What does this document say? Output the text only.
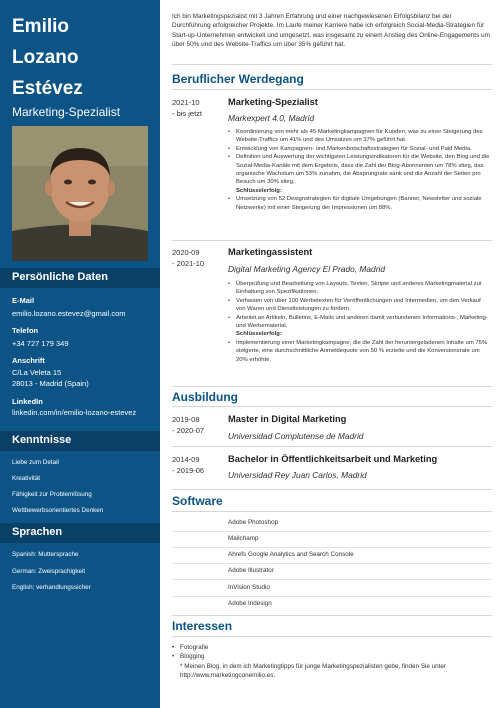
Emilio
Lozano
Estévez
Marketing-Spezialist
Persönliche Daten
E-Mail
emilio.lozano.estevez@gmail.com
Telefon
+34 727 179 349
Anschrift
C/La Veleta 15
28013 - Madrid (Spain)
LinkedIn
linkedin.com/in/emilio-lozano-estevez
Kenntnisse
Liebe zum Detail
Kreativität
Fähigkeit zur Problemlösung
Wettbewerbsorientiertes Denken
Sprachen
Spanish: Muttersprache
German: Zweisprachigkeit
English: verhandlungssicher
Ich bin Marketingspezialist mit 3 Jahren Erfahrung und einer nachgewiesenen Erfolgsbilanz bei der Durchführung erfolgreicher Projekte. Im Laufe meiner Karriere habe ich erfolgreich Social-Media-Strategien für Start-up-Unternehmen entwickelt und umgesetzt, was insgesamt zu einem Anstieg des Online-Engagements um über 50% und des Website-Traffics um über 35% geführt hat.
Beruflicher Werdegang
2021-10
- bis jetzt
Marketing-Spezialist
Markexpert 4.0, Madrid
• Koordinierung von mehr als 45 Marketingkampagnen für Kunden, was zu einer Steigerung des Website-Traffics um 41% und des Umsatzes um 37% geführt hat.
• Entwicklung von Kampagnen- und Markenbotschaftsstrategien für Sozial- und Paid Media.
• Definition und Auswertung der wichtigsten Leistungsindikatoren für die Website, den Blog und die Sozial-Media-Kanäle mit dem Ergebnis, dass die Zahl der Blog-Abonnenten um 78% stieg, das organische Wachstum um 53% zunahm, die Absprungrate sank und die Anzahl der Seiten pro Besuch um 30% stieg.
Schlüsselerfolg:
• Umsetzung von 52 Designstrategien für digitale Umgebungen (Banner, Newsletter und soziale Netzwerke) mit einer Steigerung der Impressionen um 88%.
2020-09
- 2021-10
Marketingassistent
Digital Marketing Agency El Prado, Madrid
• Überprüfung und Bearbeitung von Layouts, Texten, Skripte und anderes Marketingmaterial zur Einhaltung von Spezifikationen.
• Verfassen von über 100 Werbetexten für Veröffentlichungen und Intermedien, um den Verkauf von Waren und Dienstleistungen zu fördern.
• Arbeitet an Artikeln, Bulletins, E-Mails und anderen damit verbundenen Informations-, Marketing- und Werbematerial.
Schlüsselerfolg:
• Implementierung einer Marketingkampagne, die die Zahl der heruntergeladenen Inhalte um 75% steigerte, eine durchschnittliche Anmeldequote von 50 % erzielte und die Konversionsrate um 20% erhöhte.
Ausbildung
2019-08
- 2020-07
Master in Digital Marketing
Universidad Complutense de Madrid
2014-09
- 2019-06
Bachelor in Öffentlichkeitsarbeit und Marketing
Universidad Rey Juan Carlos, Madrid
Software
Adobe Photoshop
Mailchamp
Ahrefs Google Analytics and Search Console
Adobe Illustrator
InVision Studio
Adobe Indesign
Interessen
• Fotografie
• Blogging
* Meinen Blog, in dem ich Marketingtipps für junge Marketingspezialisten gebe, finden Sie unter http://www.marketingconemilio.es.
